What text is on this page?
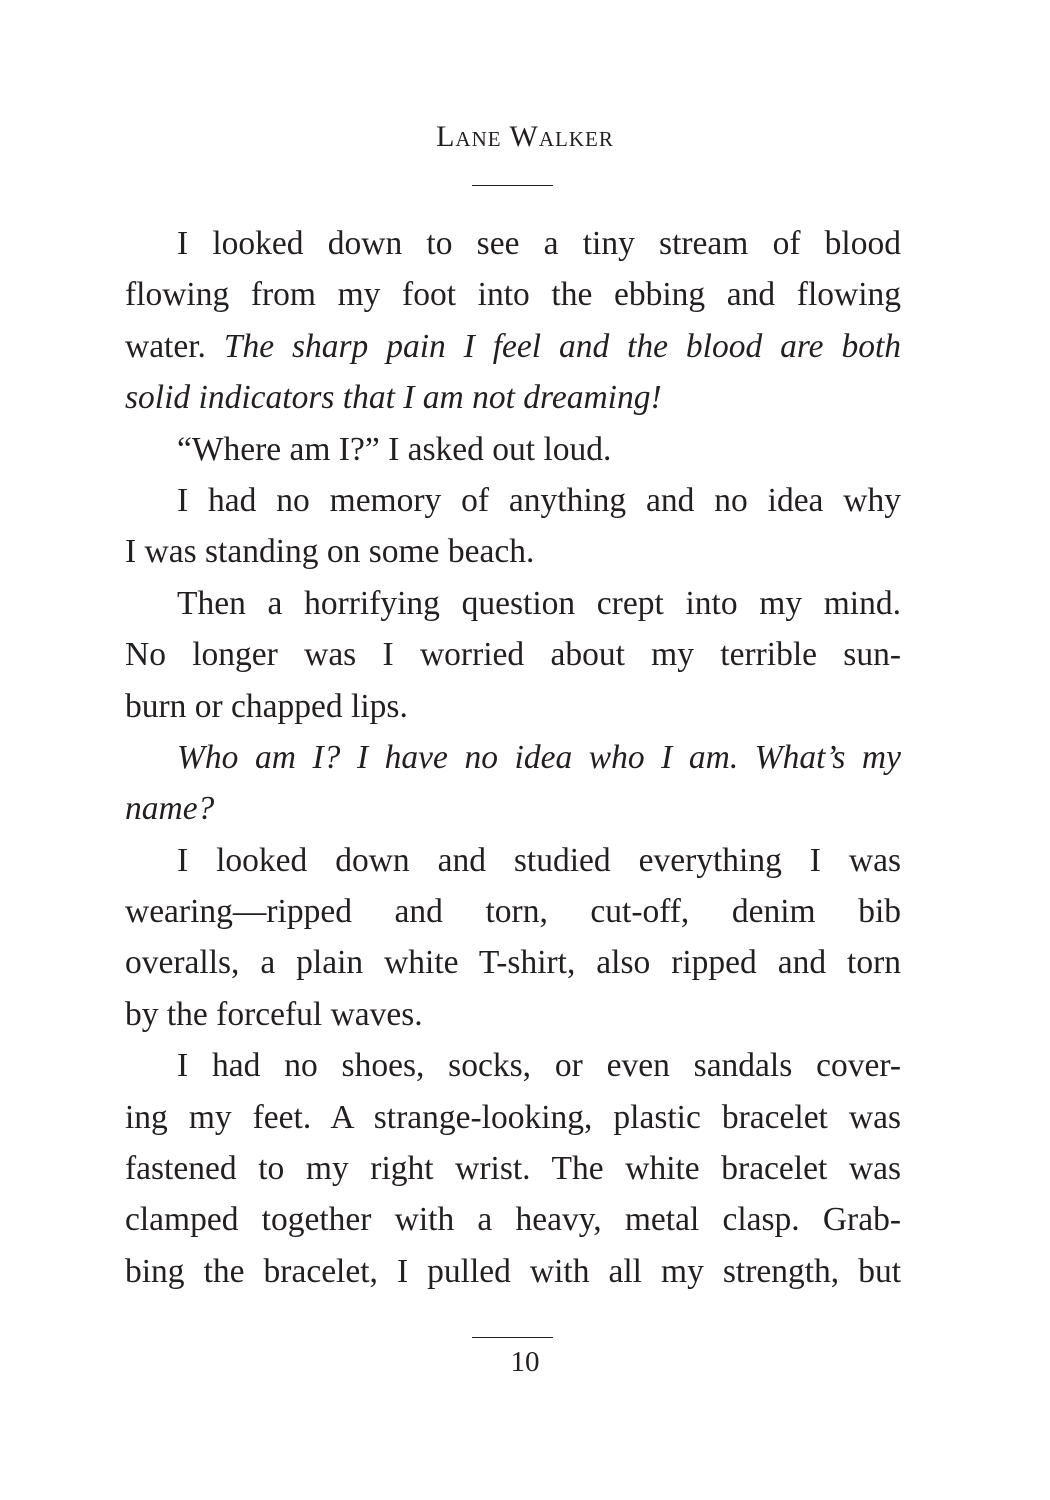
Lane Walker
I looked down to see a tiny stream of blood
flowing from my foot into the ebbing and flowing
water. The sharp pain I feel and the blood are both
solid indicators that I am not dreaming!
“Where am I?” I asked out loud.
I had no memory of anything and no idea why
I was standing on some beach.
Then a horrifying question crept into my mind.
No longer was I worried about my terrible sun-
burn or chapped lips.
Who am I? I have no idea who I am. What’s my
name?
I looked down and studied everything I was
wearing—ripped and torn, cut-off, denim bib
overalls, a plain white T-shirt, also ripped and torn
by the forceful waves.
I had no shoes, socks, or even sandals cover-
ing my feet. A strange-looking, plastic bracelet was
fastened to my right wrist. The white bracelet was
clamped together with a heavy, metal clasp. Grab-
bing the bracelet, I pulled with all my strength, but
10
